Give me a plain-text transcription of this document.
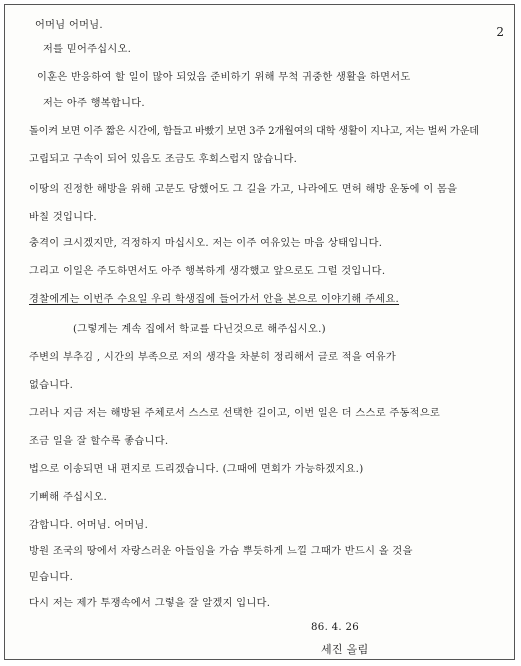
2
어머님 어머님.
저를 믿어주십시오.
이훈은 반응하여 할 일이 많아 되었음 준비하기 위해 무척 귀중한 생활을 하면서도
저는 아주 행복합니다.
돌이켜 보면 이주 짧은 시간에, 함들고 바빴기 보면 3주 2개월여의 대학 생활이 지나고, 저는 벌써 가운데
고립되고 구속이 되어 있음도 조금도 후회스럽지 않습니다.
이땅의 진정한 해방을 위해 고문도 당했어도 그 길을 가고, 나라에도 면허 해방 운동에 이 몸을
바칠 것입니다.
충격이 크시겠지만, 걱정하지 마십시오. 저는 이주 여유있는 마음 상태입니다.
그리고 이일은 주도하면서도 아주 행복하게 생각했고 앞으로도 그럴 것입니다.
경찰에게는 이번주 수요일 우리 학생집에 들어가서 안을 본으로 이야기해 주세요.
(그렇게는 계속 집에서 학교를 다닌것으로 해주십시오.)
주변의 부추김 , 시간의 부족으로 저의 생각을 차분히 정리해서 글로 적을 여유가
없습니다.
그러나 지금 저는 해방된 주체로서 스스로 선택한 길이고, 이번 일은 더 스스로 주동적으로
조금 일을 잘 할수록 좋습니다.
법으로 이송되면 내 편지로 드리겠습니다. (그때에 면회가 가능하겠지요.)
기뻐해 주십시오.
감합니다. 어머님. 어머님.
방원 조국의 땅에서 자랑스러운 아들임을 가슴 뿌듯하게 느낄 그때가 반드시 올 것을
믿습니다.
다시 저는 제가 투쟁속에서 그렇을 잘 알겠지 입니다.
86. 4. 26
세진 올림
